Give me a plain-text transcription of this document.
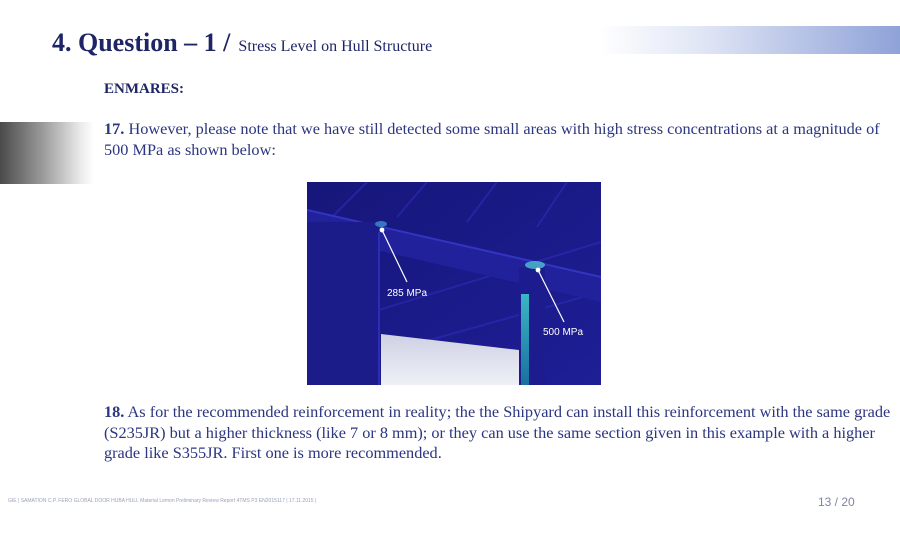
4. Question – 1 / Stress Level on Hull Structure
ENMARES:
17. However, please note that we have still detected some small areas with high stress concentrations at a magnitude of 500 MPa as shown below:
285 MPa
500 MPa
18. As for the recommended reinforcement in reality; the the Shipyard can install this reinforcement with the same grade (S235JR) but a higher thickness (like 7 or 8 mm); or they can use the same section given in this example with a higher grade like S355JR. First one is more recommended.
GIE | SAMATION C.P. FERO GLOBAL DOOR HUBA HULL Material Lemon Preliminary Review Report 4TMS P3 EN2015117 | 17.11.2015 |	13 / 20
